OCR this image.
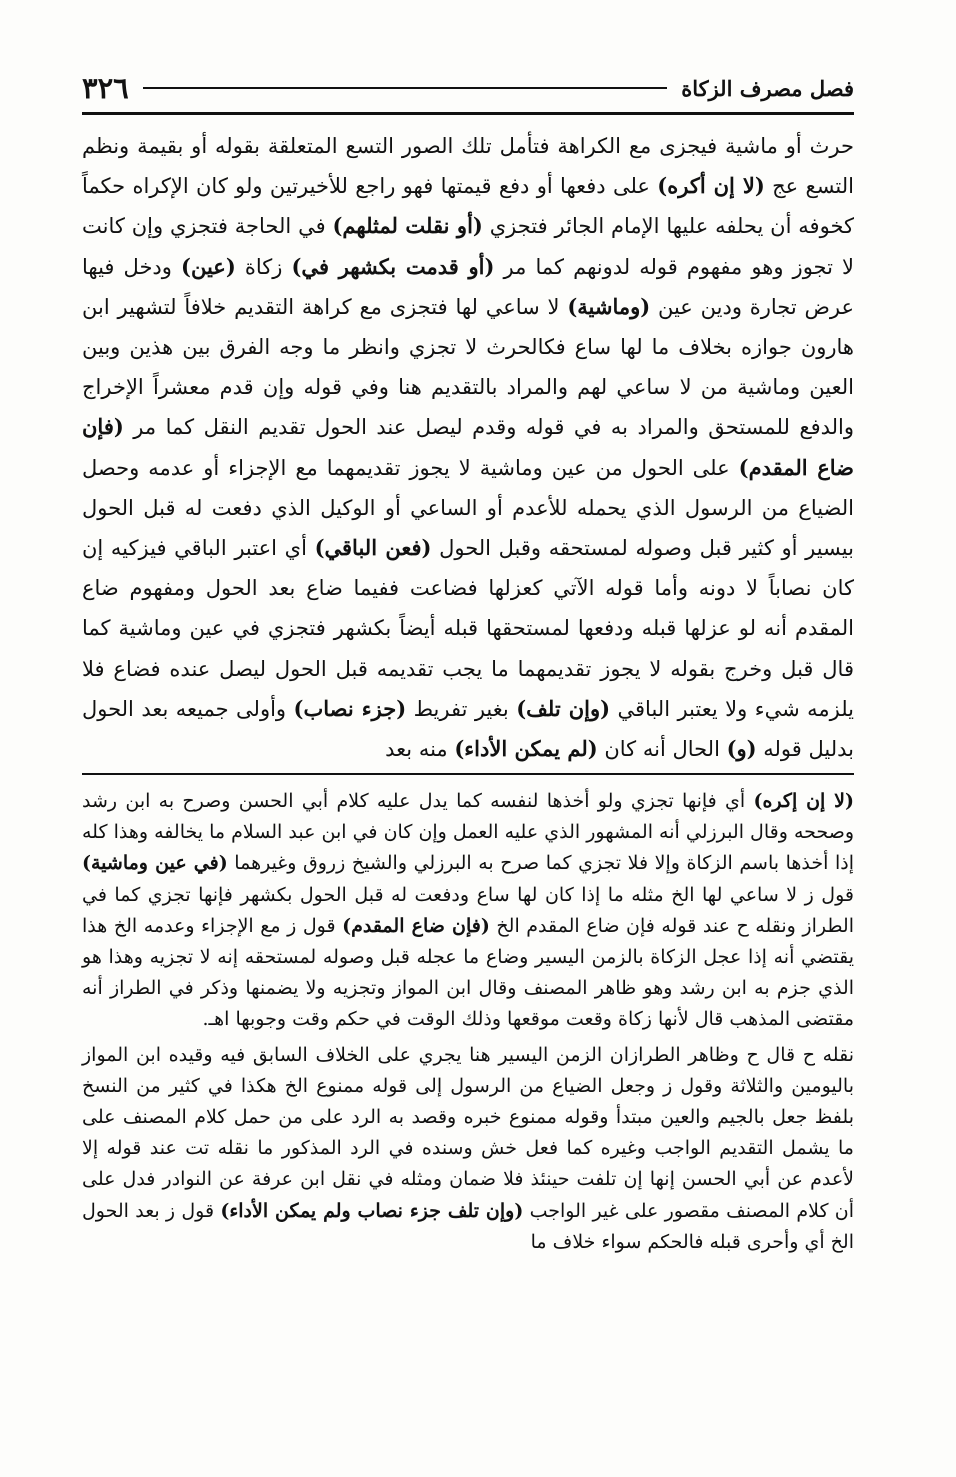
٣٢٦	فصل مصرف الزكاة
حرث أو ماشية فيجزى مع الكراهة فتأمل تلك الصور التسع المتعلقة بقوله أو بقيمة ونظم التسع عج (لا إن أكره) على دفعها أو دفع قيمتها فهو راجع للأخيرتين ولو كان الإكراه حكماً كخوفه أن يحلفه عليها الإمام الجائر فتجزي (أو نقلت لمثلهم) في الحاجة فتجزي وإن كانت لا تجوز وهو مفهوم قوله لدونهم كما مر (أو قدمت بكشهر في) زكاة (عين) ودخل فيها عرض تجارة ودين عين (وماشية) لا ساعي لها فتجزى مع كراهة التقديم خلافاً لتشهير ابن هارون جوازه بخلاف ما لها ساع فكالحرث لا تجزي وانظر ما وجه الفرق بين هذين وبين العين وماشية من لا ساعي لهم والمراد بالتقديم هنا وفي قوله وإن قدم معشراً الإخراج والدفع للمستحق والمراد به في قوله وقدم ليصل عند الحول تقديم النقل كما مر (فإن ضاع المقدم) على الحول من عين وماشية لا يجوز تقديمهما مع الإجزاء أو عدمه وحصل الضياع من الرسول الذي يحمله للأعدم أو الساعي أو الوكيل الذي دفعت له قبل الحول بيسير أو كثير قبل وصوله لمستحقه وقبل الحول (فعن الباقي) أي اعتبر الباقي فيزكيه إن كان نصاباً لا دونه وأما قوله الآتي كعزلها فضاعت ففيما ضاع بعد الحول ومفهوم ضاع المقدم أنه لو عزلها قبله ودفعها لمستحقها قبله أيضاً بكشهر فتجزي في عين وماشية كما قال قبل وخرج بقوله لا يجوز تقديمهما ما يجب تقديمه قبل الحول ليصل عنده فضاع فلا يلزمه شيء ولا يعتبر الباقي (وإن تلف) بغير تفريط (جزء نصاب) وأولى جميعه بعد الحول بدليل قوله (و) الحال أنه كان (لم يمكن الأداء) منه بعد

(لا إن إكره) أي فإنها تجزي ولو أخذها لنفسه كما يدل عليه كلام أبي الحسن وصرح به ابن رشد وصححه وقال البرزلي أنه المشهور الذي عليه العمل وإن كان في ابن عبد السلام ما يخالفه وهذا كله إذا أخذها باسم الزكاة وإلا فلا تجزي كما صرح به البرزلي والشيخ زروق وغيرهما (في عين وماشية) قول ز لا ساعي لها الخ مثله ما إذا كان لها ساع ودفعت له قبل الحول بكشهر فإنها تجزي كما في الطراز ونقله ح عند قوله فإن ضاع المقدم الخ (فإن ضاع المقدم) قول ز مع الإجزاء وعدمه الخ هذا يقتضي أنه إذا عجل الزكاة بالزمن اليسير وضاع ما عجله قبل وصوله لمستحقه إنه لا تجزيه وهذا هو الذي جزم به ابن رشد وهو ظاهر المصنف وقال ابن المواز وتجزيه ولا يضمنها وذكر في الطراز أنه مقتضى المذهب قال لأنها زكاة وقعت موقعها وذلك الوقت في حكم وقت وجوبها اهـ.

نقله ح قال ح وظاهر الطرازان الزمن اليسير هنا يجري على الخلاف السابق فيه وقيده ابن المواز باليومين والثلاثة وقول ز وجعل الضياع من الرسول إلى قوله ممنوع الخ هكذا في كثير من النسخ بلفظ جعل بالجيم والعين مبتدأ وقوله ممنوع خبره وقصد به الرد على من حمل كلام المصنف على ما يشمل التقديم الواجب وغيره كما فعل خش وسنده في الرد المذكور ما نقله تت عند قوله إلا لأعدم عن أبي الحسن إنها إن تلفت حينئذ فلا ضمان ومثله في نقل ابن عرفة عن النوادر فدل على أن كلام المصنف مقصور على غير الواجب (وإن تلف جزء نصاب ولم يمكن الأداء) قول ز بعد الحول الخ أي وأحرى قبله فالحكم سواء خلاف ما
